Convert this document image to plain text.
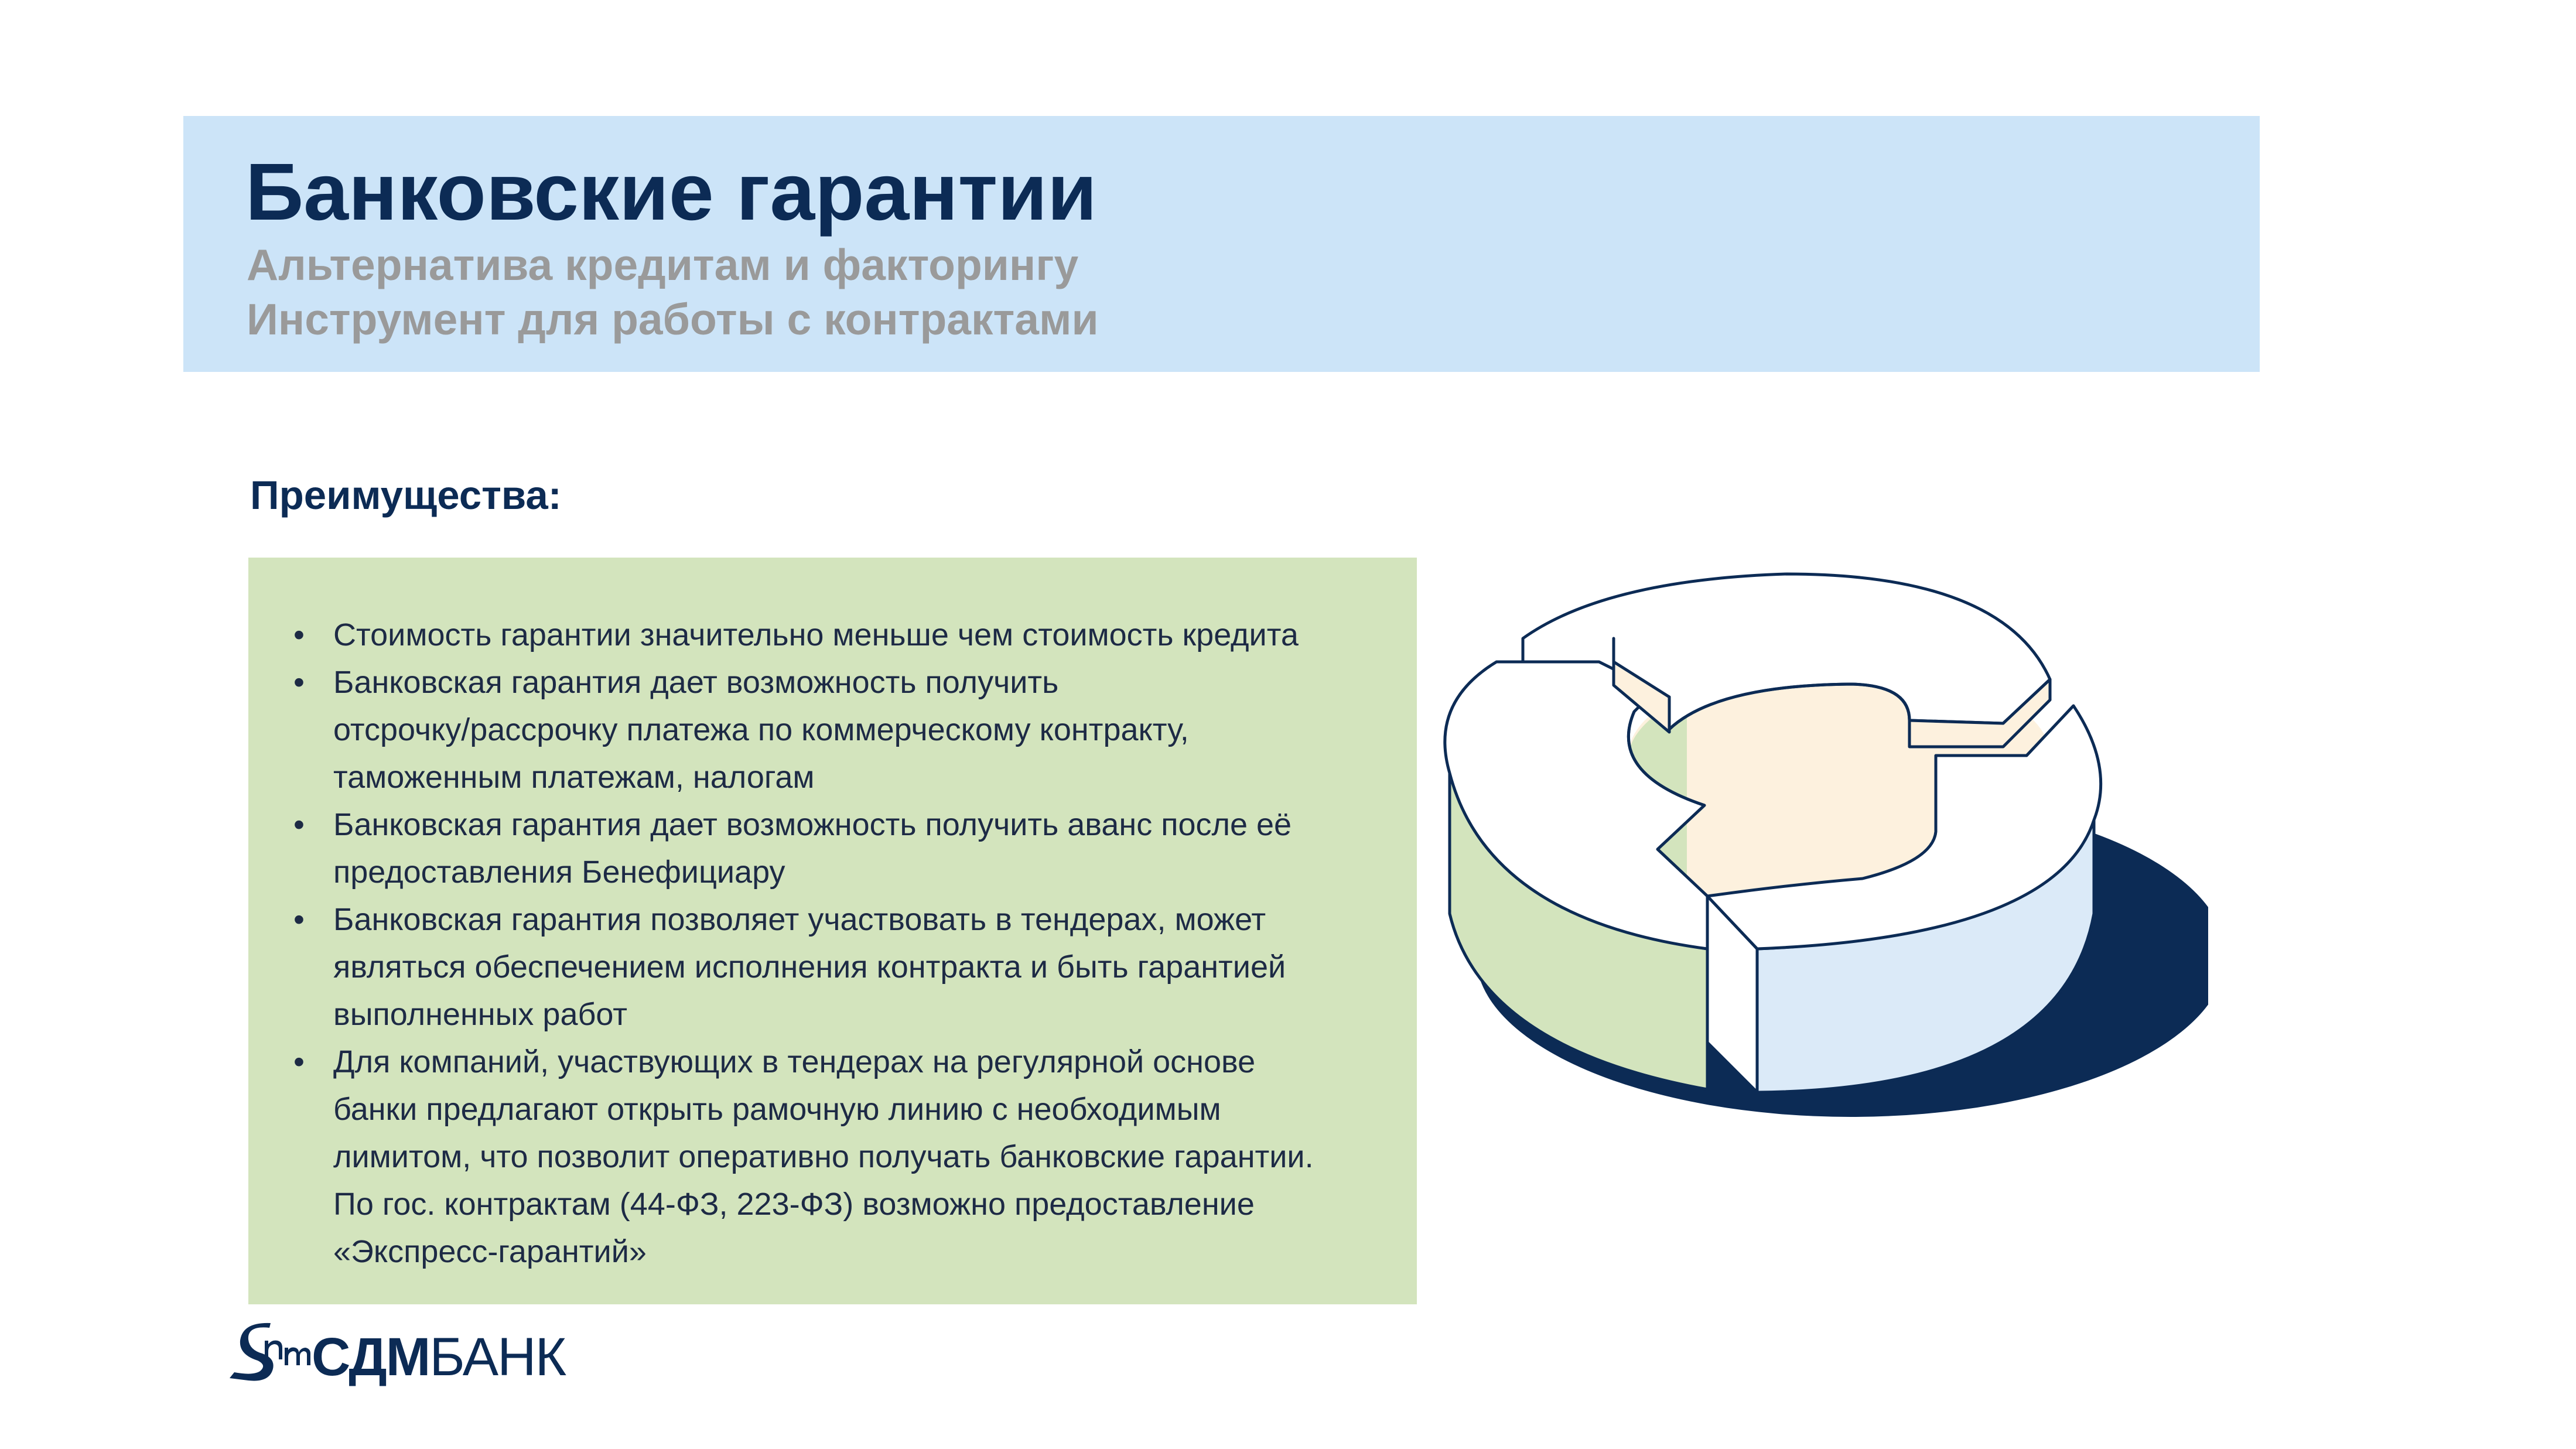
Банковские гарантии

Альтернатива кредитам и факторингу

Инструмент для работы с контрактами

Преимущества:
• Стоимость гарантии значительно меньше чем стоимость кредита
• Банковская гарантия дает возможность получить
отсрочку/рассрочку платежа по коммерческому контракту,
таможенным платежам, налогам
• Банковская гарантия дает возможность получить аванс после её
предоставления Бенефициару
• Банковская гарантия позволяет участвовать в тендерах, может
являться обеспечением исполнения контракта и быть гарантией
выполненных работ
• Для компаний, участвующих в тендерах на регулярной основе
банки предлагают открыть рамочную линию с необходимым
лимитом, что позволит оперативно получать банковские гарантии.
По гос. контрактам (44-ФЗ, 223-ФЗ) возможно предоставление
«Экспресс-гарантий»
СДМБАНК
